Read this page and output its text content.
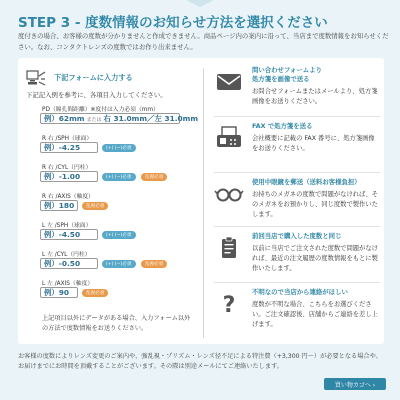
STEP 3 - 度数情報のお知らせ方法を選択ください
度付きの場合、お客様の度数が分かりませんと作成できません。商品ページ内の案内に沿って、当店まで度数情報をお知らせください。なお、コンタクトレンズの度数ではお作り出来ません。
下記フォームに入力する
下記記入例を参考に、各項目入力してください。
PD（瞳孔間距離）※度付は入力必須（mm）
例）62mm または 右 31.0mm／左 31.0mm
R 右 /SPH（球面）
例）-4.25	(+) (−)必須
R 右 /CYL（円柱）
例）-1.00	(+) (−)必須	乱視必須
R 右 /AXIS（軸度）
例）180	乱視必須
L 左 /SPH（球面）
例）-4.50	(+) (−)必須
L 左 /CYL（円柱）
例）-0.50	(+) (−)必須	乱視必須
L 左 /AXIS（軸度）
例）90	乱視必須
上記項目以外にデータがある場合、入力フォーム以外の方法で度数情報をお送りください。
問い合わせフォームより
処方箋を画像で送る
お問合せフォームまたはメールより、処方箋画像をお送りください。
FAX で処方箋を送る
会社概要に記載の FAX 番号に、処方箋画像をお送りください。
使用中眼鏡を郵送（送料お客様負担）
お持ちのメガネの度数で問題がなければ、そのメガネをお預かりし、同じ度数で製作いたします。
前回当店で購入した度数と同じ
以前に当店でご注文された度数で問題がなければ、最近の注文履歴の度数情報をもとに製作いたします。
?
不明なので当店から連絡がほしい
度数が不明な場合、こちらをお選びください。ご注文確認後、店舗からご連絡を差し上げます。
お客様の度数によりレンズ変更のご案内や、強乱視・プリズム・レンズ径不足による特注費（+3,300 円〜）が必要となる場合や、お届けまでにお時間を頂戴することがございます。その際は別途メールにてご連絡いたします。
買い物カゴへ ›
